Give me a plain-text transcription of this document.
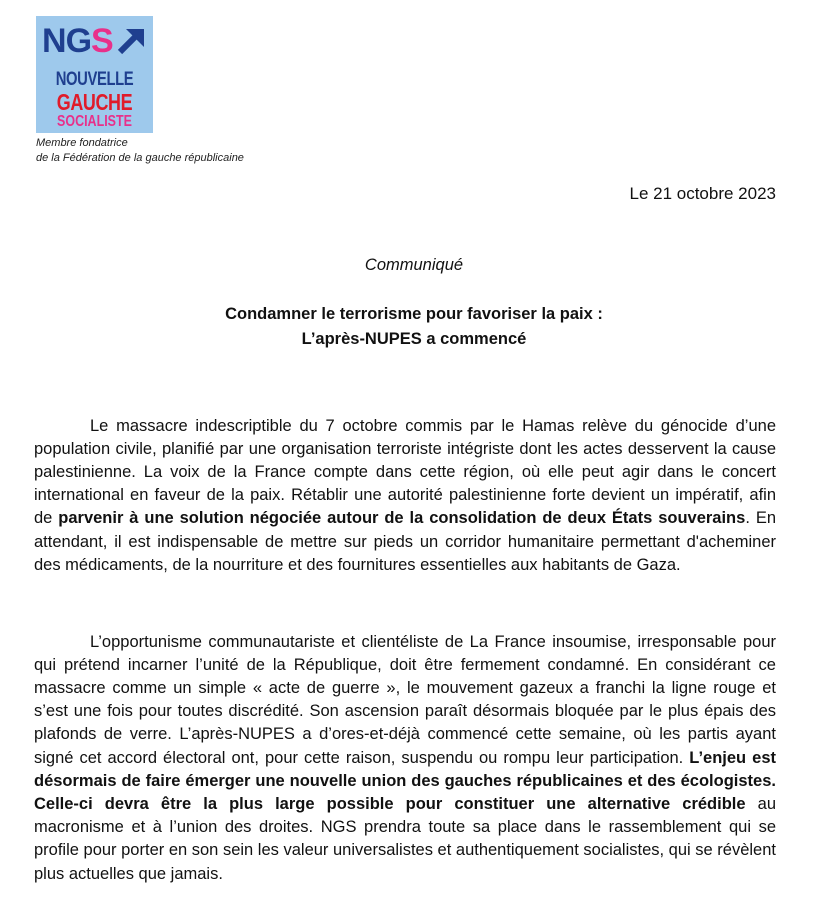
NGS
NOUVELLE
GAUCHE
SOCIALISTE
Membre fondatrice
de la Fédération de la gauche républicaine
Le 21 octobre 2023
Communiqué
Condamner le terrorisme pour favoriser la paix :
L’après-NUPES a commencé

Le massacre indescriptible du 7 octobre commis par le Hamas relève du génocide d’une population civile, planifié par une organisation terroriste intégriste dont les actes desservent la cause palestinienne. La voix de la France compte dans cette région, où elle peut agir dans le concert international en faveur de la paix. Rétablir une autorité palestinienne forte devient un impératif, afin de parvenir à une solution négociée autour de la consolidation de deux États souverains. En attendant, il est indispensable de mettre sur pieds un corridor humanitaire permettant d'acheminer des médicaments, de la nourriture et des fournitures essentielles aux habitants de Gaza.

L’opportunisme communautariste et clientéliste de La France insoumise, irresponsable pour qui prétend incarner l’unité de la République, doit être fermement condamné. En considérant ce massacre comme un simple « acte de guerre », le mouvement gazeux a franchi la ligne rouge et s’est une fois pour toutes discrédité. Son ascension paraît désormais bloquée par le plus épais des plafonds de verre. L’après-NUPES a d’ores-et-déjà commencé cette semaine, où les partis ayant signé cet accord électoral ont, pour cette raison, suspendu ou rompu leur participation. L’enjeu est désormais de faire émerger une nouvelle union des gauches républicaines et des écologistes. Celle-ci devra être la plus large possible pour constituer une alternative crédible au macronisme et à l’union des droites. NGS prendra toute sa place dans le rassemblement qui se profile pour porter en son sein les valeur universalistes et authentiquement socialistes, qui se révèlent plus actuelles que jamais.
